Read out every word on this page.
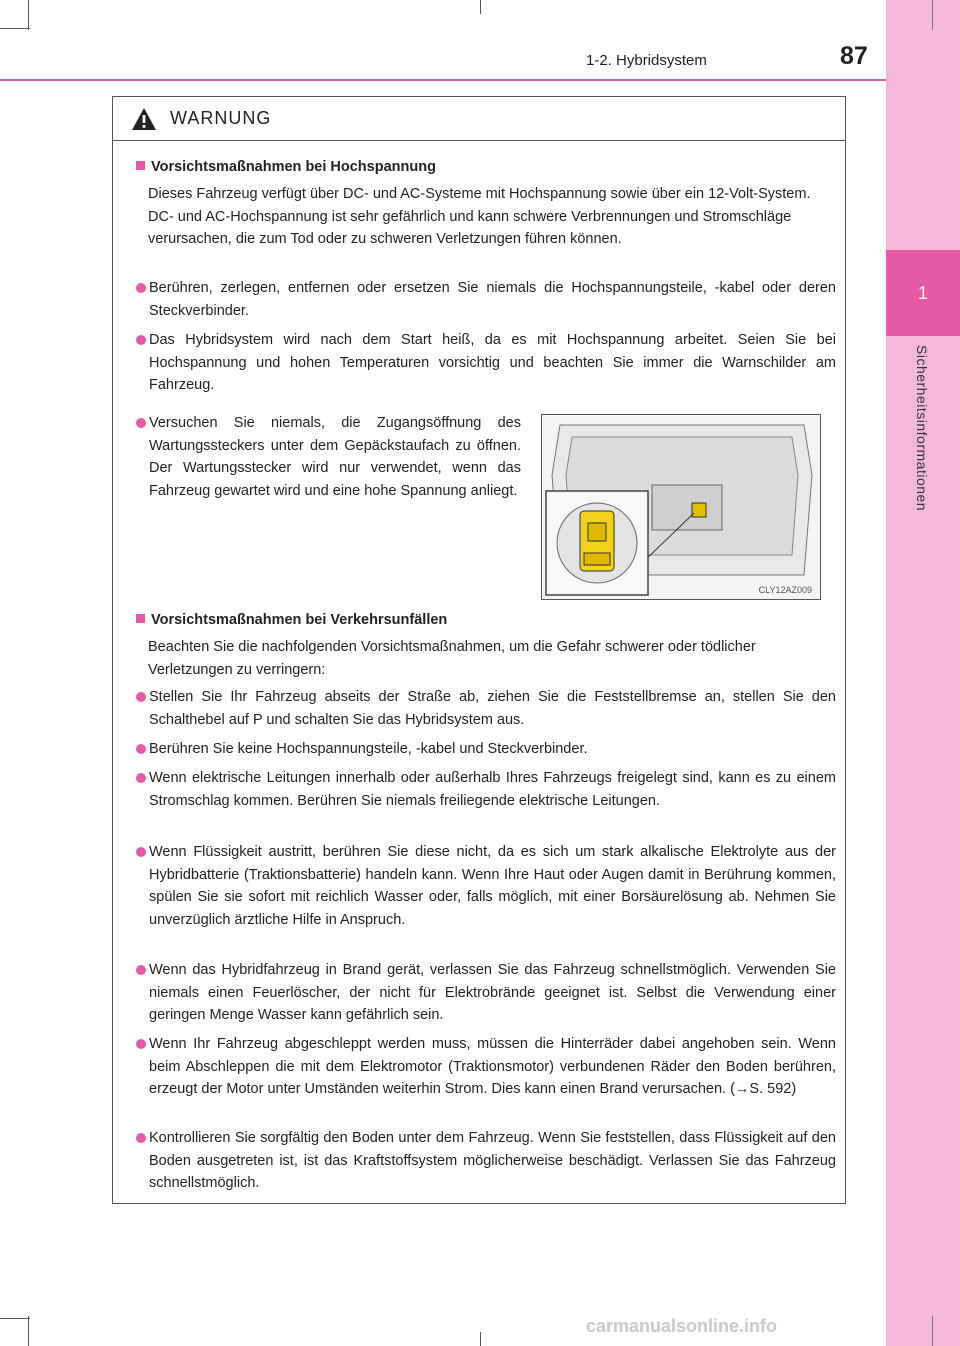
1
Sicherheitsinformationen
1-2. Hybridsystem	87
WARNUNG
Vorsichtsmaßnahmen bei Hochspannung

Dieses Fahrzeug verfügt über DC- und AC-Systeme mit Hochspannung sowie über ein 12-Volt-System. DC- und AC-Hochspannung ist sehr gefährlich und kann schwere Verbrennungen und Stromschläge verursachen, die zum Tod oder zu schweren Verletzungen führen können.

Berühren, zerlegen, entfernen oder ersetzen Sie niemals die Hochspannungsteile, -kabel oder deren Steckverbinder.
Das Hybridsystem wird nach dem Start heiß, da es mit Hochspannung arbeitet. Seien Sie bei Hochspannung und hohen Temperaturen vorsichtig und beachten Sie immer die Warnschilder am Fahrzeug.
Versuchen Sie niemals, die Zugangsöffnung des Wartungssteckers unter dem Gepäckstaufach zu öffnen. Der Wartungsstecker wird nur verwendet, wenn das Fahrzeug gewartet wird und eine hohe Spannung anliegt.
CLY12AZ009
Vorsichtsmaßnahmen bei Verkehrsunfällen

Beachten Sie die nachfolgenden Vorsichtsmaßnahmen, um die Gefahr schwerer oder tödlicher Verletzungen zu verringern:

Stellen Sie Ihr Fahrzeug abseits der Straße ab, ziehen Sie die Feststellbremse an, stellen Sie den Schalthebel auf P und schalten Sie das Hybridsystem aus.
Berühren Sie keine Hochspannungsteile, -kabel und Steckverbinder.
Wenn elektrische Leitungen innerhalb oder außerhalb Ihres Fahrzeugs freigelegt sind, kann es zu einem Stromschlag kommen. Berühren Sie niemals freiliegende elektrische Leitungen.
Wenn Flüssigkeit austritt, berühren Sie diese nicht, da es sich um stark alkalische Elektrolyte aus der Hybridbatterie (Traktionsbatterie) handeln kann. Wenn Ihre Haut oder Augen damit in Berührung kommen, spülen Sie sie sofort mit reichlich Wasser oder, falls möglich, mit einer Borsäurelösung ab. Nehmen Sie unverzüglich ärztliche Hilfe in Anspruch.
Wenn das Hybridfahrzeug in Brand gerät, verlassen Sie das Fahrzeug schnellstmöglich. Verwenden Sie niemals einen Feuerlöscher, der nicht für Elektrobrände geeignet ist. Selbst die Verwendung einer geringen Menge Wasser kann gefährlich sein.
Wenn Ihr Fahrzeug abgeschleppt werden muss, müssen die Hinterräder dabei angehoben sein. Wenn beim Abschleppen die mit dem Elektromotor (Traktionsmotor) verbundenen Räder den Boden berühren, erzeugt der Motor unter Umständen weiterhin Strom. Dies kann einen Brand verursachen. (→S. 592)
Kontrollieren Sie sorgfältig den Boden unter dem Fahrzeug. Wenn Sie feststellen, dass Flüssigkeit auf den Boden ausgetreten ist, ist das Kraftstoffsystem möglicherweise beschädigt. Verlassen Sie das Fahrzeug schnellstmöglich.
carmanualsonline.info
